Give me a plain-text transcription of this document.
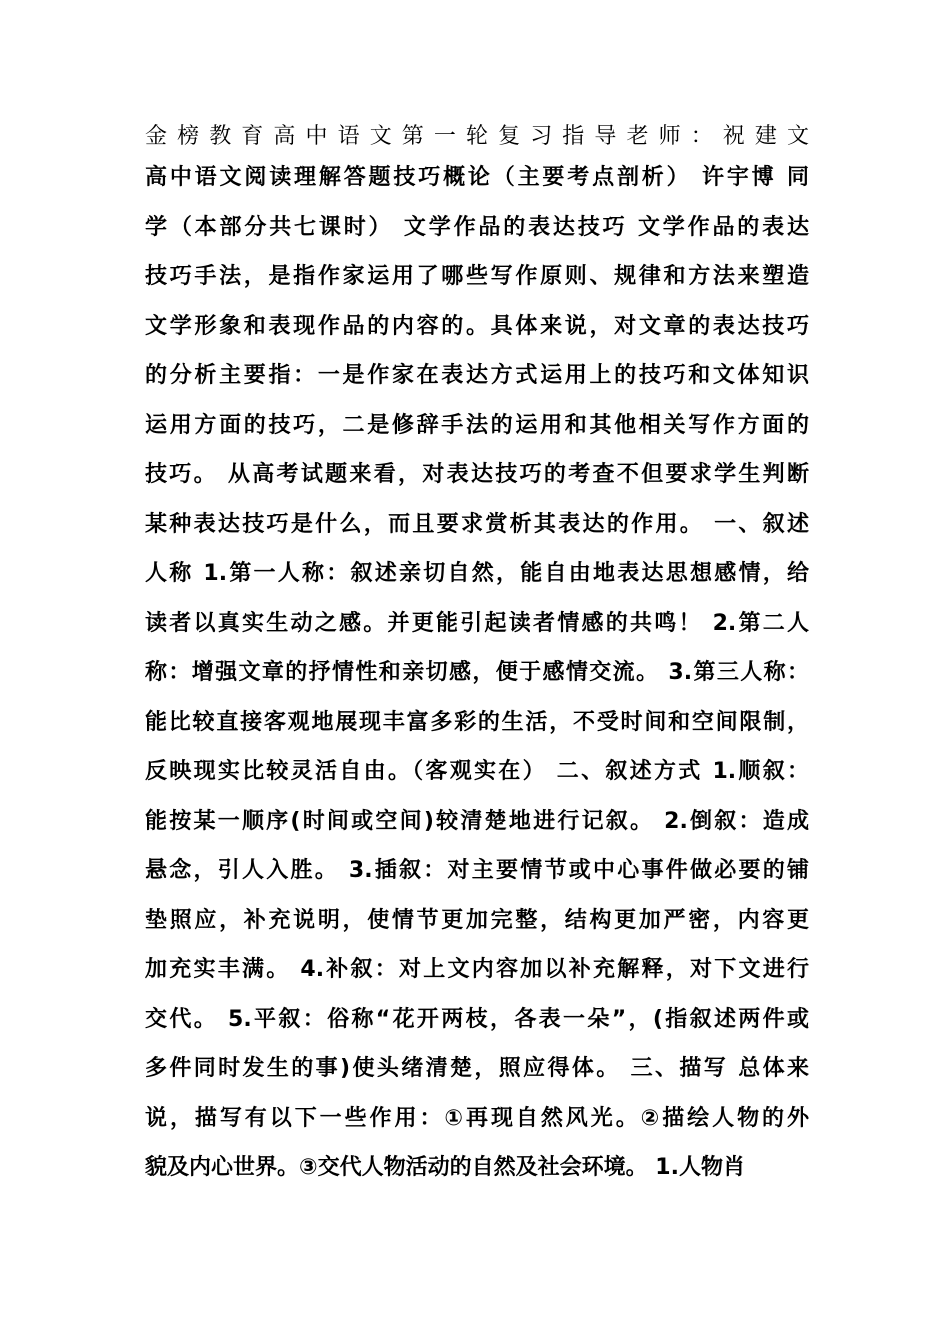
金榜教育高中语文第一轮复习指导老师：祝建文
高中语文阅读理解答题技巧概论（主要考点剖析） 许宇博 同
学（本部分共七课时） 文学作品的表达技巧 文学作品的表达
技巧手法，是指作家运用了哪些写作原则、规律和方法来塑造
文学形象和表现作品的内容的。具体来说，对文章的表达技巧
的分析主要指：一是作家在表达方式运用上的技巧和文体知识
运用方面的技巧，二是修辞手法的运用和其他相关写作方面的
技巧。 从高考试题来看，对表达技巧的考查不但要求学生判断
某种表达技巧是什么，而且要求赏析其表达的作用。 一、叙述
人称 1.第一人称：叙述亲切自然，能自由地表达思想感情，给
读者以真实生动之感。并更能引起读者情感的共鸣！ 2.第二人
称：增强文章的抒情性和亲切感，便于感情交流。 3.第三人称：
能比较直接客观地展现丰富多彩的生活，不受时间和空间限制，
反映现实比较灵活自由。（客观实在） 二、叙述方式 1.顺叙：
能按某一顺序(时间或空间)较清楚地进行记叙。 2.倒叙：造成
悬念，引人入胜。 3.插叙：对主要情节或中心事件做必要的铺
垫照应，补充说明，使情节更加完整，结构更加严密，内容更
加充实丰满。 4.补叙：对上文内容加以补充解释，对下文进行
交代。 5.平叙：俗称“花开两枝，各表一朵”，(指叙述两件或
多件同时发生的事)使头绪清楚，照应得体。 三、描写 总体来
说，描写有以下一些作用：①再现自然风光。②描绘人物的外
貌及内心世界。③交代人物活动的自然及社会环境。 1.人物肖
